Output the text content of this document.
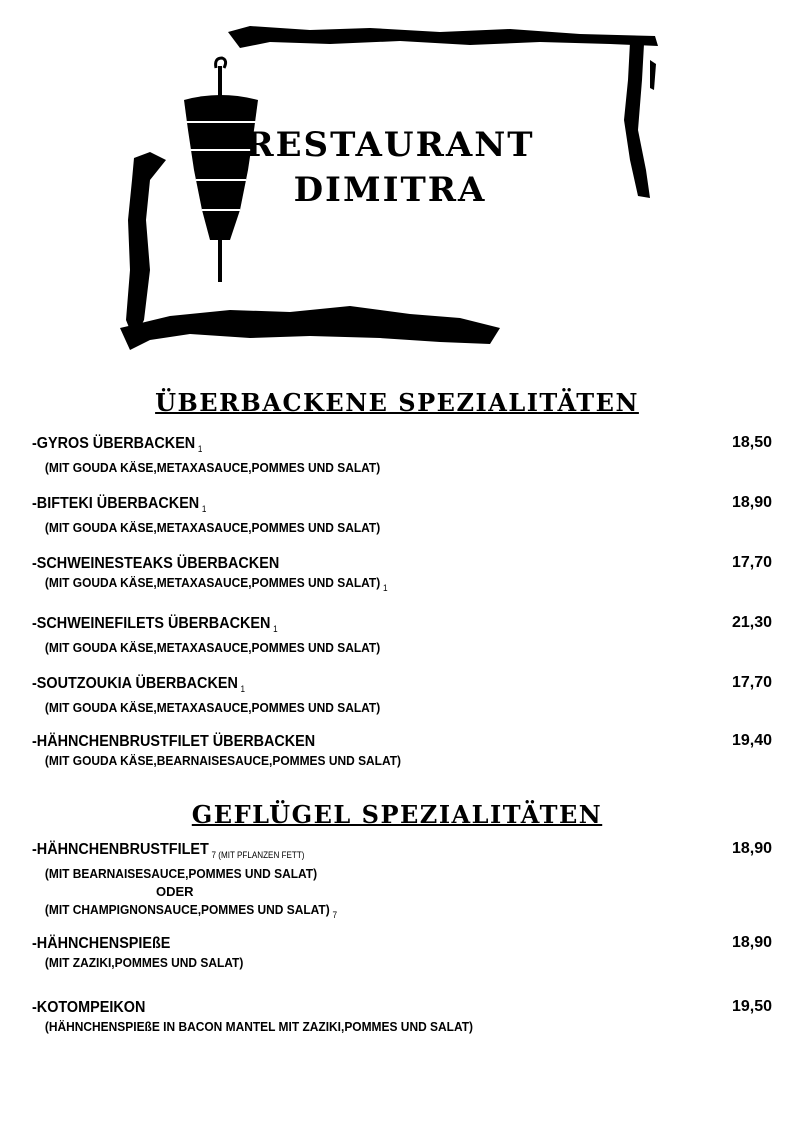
RESTAURANT
DIMITRA
ÜBERBACKENE SPEZIALITÄTEN
-GYROS ÜBERBACKEN $_1$
(MIT GOUDA KÄSE,METAXASAUCE,POMMES UND SALAT)
18,50
-BIFTEKI ÜBERBACKEN $_1$
(MIT GOUDA KÄSE,METAXASAUCE,POMMES UND SALAT)
18,90
-SCHWEINESTEAKS ÜBERBACKEN
(MIT GOUDA KÄSE,METAXASAUCE,POMMES UND SALAT) $_1$
17,70
-SCHWEINEFILETS ÜBERBACKEN $_1$
(MIT GOUDA KÄSE,METAXASAUCE,POMMES UND SALAT)
21,30
-SOUTZOUKIA ÜBERBACKEN $_1$
(MIT GOUDA KÄSE,METAXASAUCE,POMMES UND SALAT)
17,70
-HÄHNCHENBRUSTFILET ÜBERBACKEN
(MIT GOUDA KÄSE,BEARNAISESAUCE,POMMES UND SALAT)
19,40
GEFLÜGEL SPEZIALITÄTEN
-HÄHNCHENBRUSTFILET $_{7 (MIT PFLANZEN FETT)}$
(MIT BEARNAISESAUCE,POMMES UND SALAT)
ODER
(MIT CHAMPIGNONSAUCE,POMMES UND SALAT) $_7$
18,90
-HÄHNCHENSPIEßE
(MIT ZAZIKI,POMMES UND SALAT)
18,90
-KOTOMPEIKON
(HÄHNCHENSPIEßE IN BACON MANTEL MIT ZAZIKI,POMMES UND SALAT)
19,50
